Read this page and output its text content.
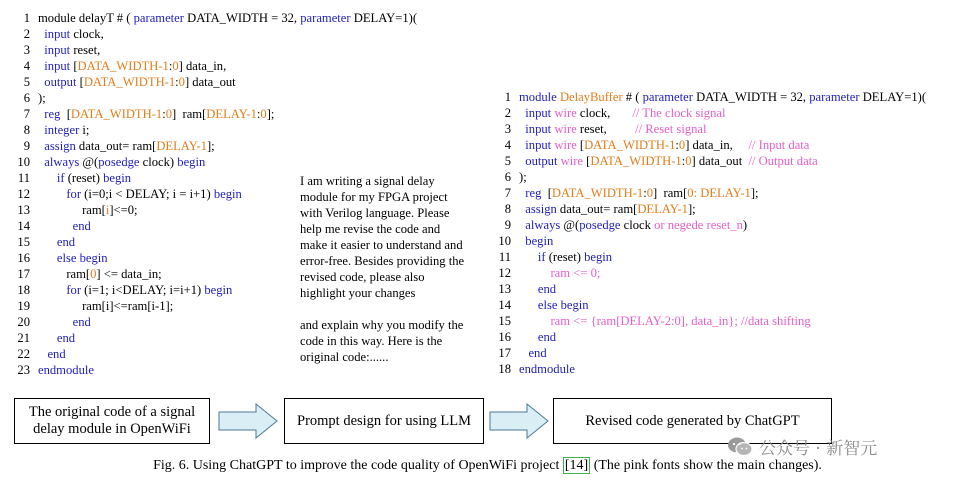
1 module delayT # ( parameter DATA_WIDTH = 32, parameter DELAY=1)(
2 input clock,
3 input reset,
4 input [DATA_WIDTH-1:0] data_in,
5 output [DATA_WIDTH-1:0] data_out
6 );
7 reg  [DATA_WIDTH-1:0]  ram[DELAY-1:0];
8 integer i;
9 assign data_out= ram[DELAY-1];
10 always @(posedge clock) begin
11 if (reset) begin
12	for (i=0;i < DELAY; i = i+1) begin
13              ram[i]<=0;
14	end
15 end
16 else begin
17         ram[0] <= data_in;
18	for (i=1; i<DELAY; i=i+1) begin
19              ram[i]<=ram[i-1];
20	end
21 end
22 end
23 endmodule

I am writing a signal delay module for my FPGA project with Verilog language. Please help me revise the code and make it easier to understand and error-free. Besides providing the revised code, please also highlight your changes

and explain why you modify the code in this way. Here is the original code:......

1 module DelayBuffer # ( parameter DATA_WIDTH = 32, parameter DELAY=1)(
2 input wire clock,       // The clock signal
3 input wire reset,         // Reset signal
4 input wire [DATA_WIDTH-1:0] data_in,     // Input data
5 output wire [DATA_WIDTH-1:0] data_out  // Output data
6 );
7 reg  [DATA_WIDTH-1:0]  ram[0: DELAY-1];
8 assign data_out= ram[DELAY-1];
9 always @(posedge clock or negede reset_n)
10 begin
11 if (reset) begin
12	ram <= 0;
13 end
14 else begin
15	ram <= {ram[DELAY-2:0], data_in}; //data shifting
16 end
17 end
18 endmodule
The original code of a signal delay module in OpenWiFi
Prompt design for using LLM	Revised code generated by ChatGPT
公众号 · 新智元
Fig. 6. Using ChatGPT to improve the code quality of OpenWiFi project [14] (The pink fonts show the main changes).
